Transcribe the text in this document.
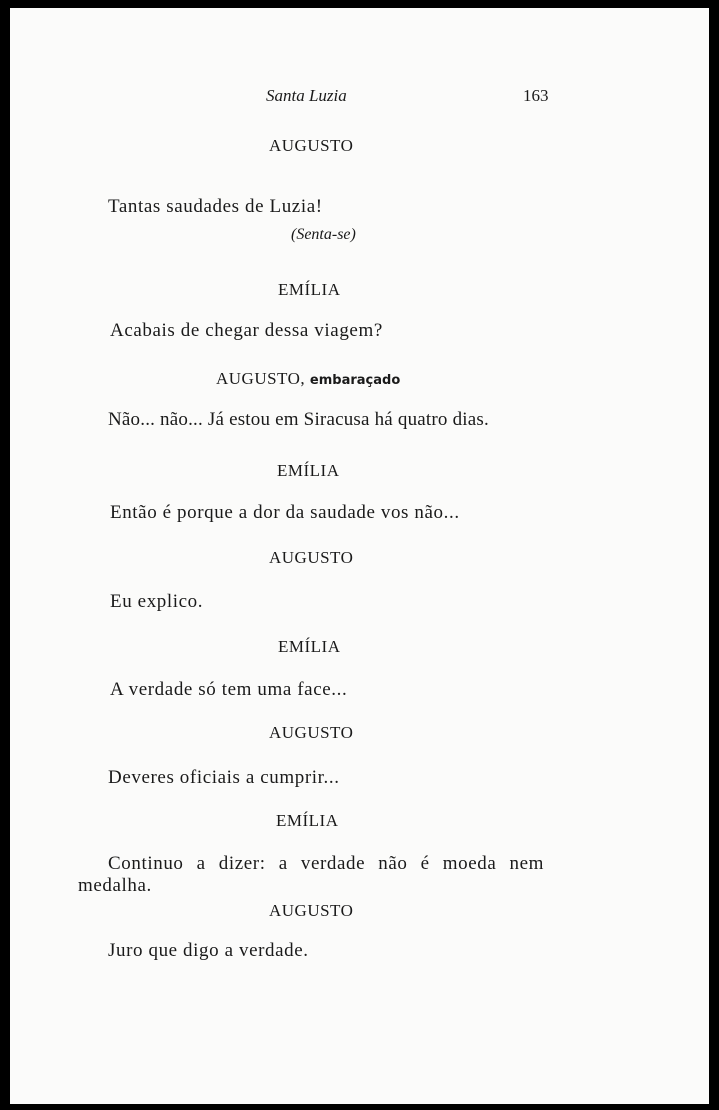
Santa Luzia	163
AUGUSTO
Tantas saudades de Luzia!
(Senta-se)
EMÍLIA
Acabais de chegar dessa viagem?
AUGUSTO, embaraçado
Não... não... Já estou em Siracusa há quatro dias.
EMÍLIA
Então é porque a dor da saudade vos não...
AUGUSTO
Eu explico.
EMÍLIA
A verdade só tem uma face...
AUGUSTO
Deveres oficiais a cumprir...
EMÍLIA
Continuo a dizer: a verdade não é moeda nem
medalha.
AUGUSTO
Juro que digo a verdade.
